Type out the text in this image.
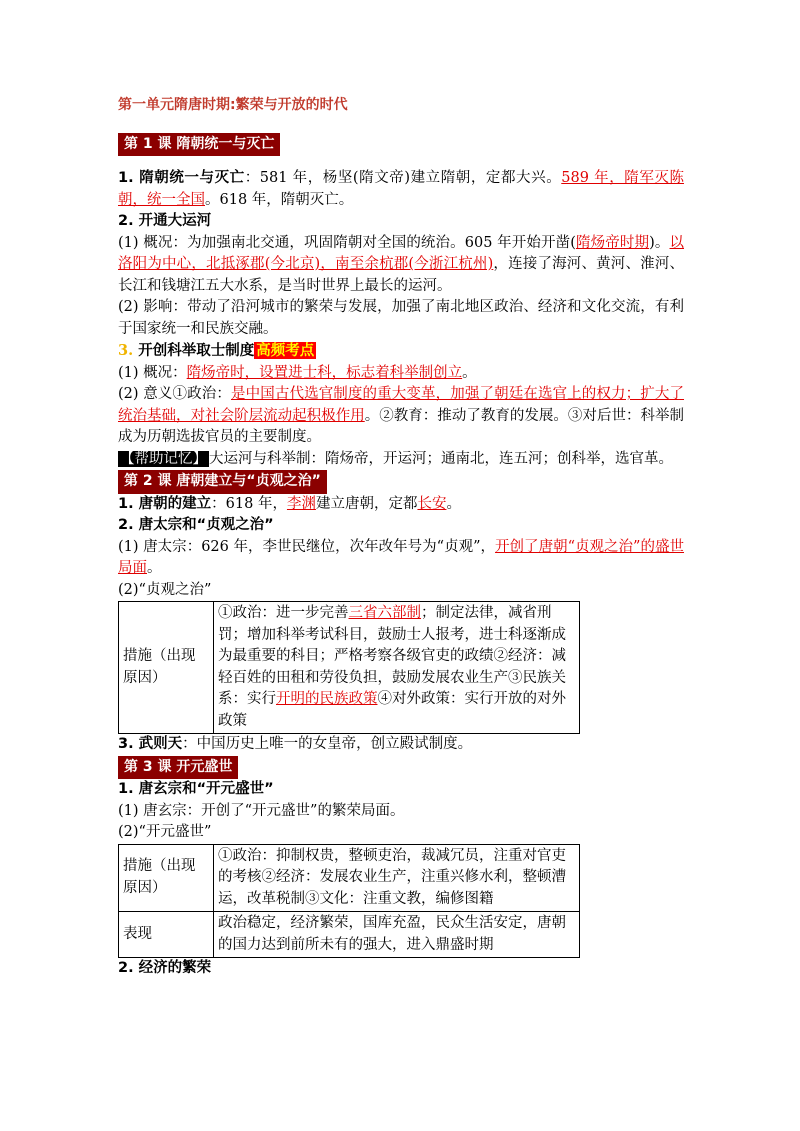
第一单元隋唐时期:繁荣与开放的时代
第 1 课 隋朝统一与灭亡

1. 隋朝统一与灭亡：581 年，杨坚(隋文帝)建立隋朝，定都大兴。589 年，隋军灭陈朝，统一全国。618 年，隋朝灭亡。

2. 开通大运河

(1) 概况：为加强南北交通，巩固隋朝对全国的统治。605 年开始开凿(隋炀帝时期)。以洛阳为中心，北抵涿郡(今北京)，南至余杭郡(今浙江杭州)，连接了海河、黄河、淮河、长江和钱塘江五大水系，是当时世界上最长的运河。

(2) 影响：带动了沿河城市的繁荣与发展，加强了南北地区政治、经济和文化交流，有利于国家统一和民族交融。

3. 开创科举取士制度 高频考点

(1) 概况：隋炀帝时，设置进士科，标志着科举制创立。

(2) 意义①政治：是中国古代选官制度的重大变革，加强了朝廷在选官上的权力；扩大了统治基础，对社会阶层流动起积极作用。②教育：推动了教育的发展。③对后世：科举制成为历朝选拔官员的主要制度。

【帮助记忆】 大运河与科举制：隋炀帝，开运河；通南北，连五河；创科举，选官革。

第 2 课 唐朝建立与“贞观之治”

1. 唐朝的建立：618 年，李渊建立唐朝，定都长安。

2. 唐太宗和“贞观之治”

(1) 唐太宗：626 年，李世民继位，次年改年号为“贞观”，开创了唐朝“贞观之治”的盛世局面。

(2)“贞观之治”

措施（出现原因）	①政治：进一步完善三省六部制；制定法律，减省刑罚；增加科举考试科目，鼓励士人报考，进士科逐渐成为最重要的科目；严格考察各级官吏的政绩②经济：减轻百姓的田租和劳役负担，鼓励发展农业生产③民族关系：实行开明的民族政策④对外政策：实行开放的对外政策

3. 武则天：中国历史上唯一的女皇帝，创立殿试制度。

第 3 课 开元盛世

1. 唐玄宗和“开元盛世”

(1) 唐玄宗：开创了“开元盛世”的繁荣局面。

(2)“开元盛世”

措施（出现原因）	①政治：抑制权贵，整顿吏治，裁减冗员，注重对官吏的考核②经济：发展农业生产，注重兴修水利，整顿漕运，改革税制③文化：注重文教，编修图籍
表现	政治稳定，经济繁荣，国库充盈，民众生活安定，唐朝的国力达到前所未有的强大，进入鼎盛时期

2. 经济的繁荣
